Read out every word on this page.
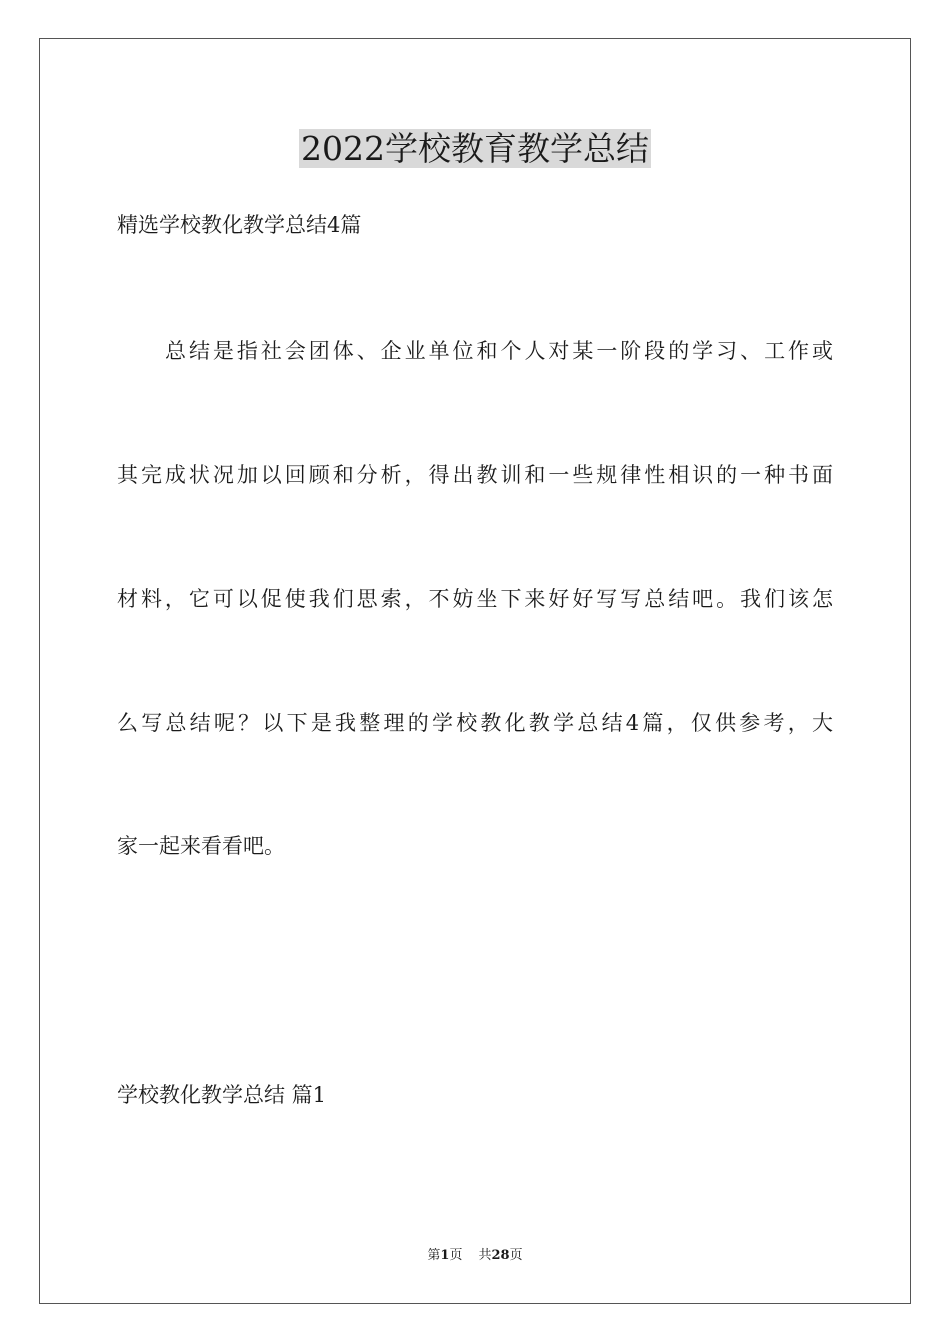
2022学校教育教学总结
精选学校教化教学总结4篇
总结是指社会团体、企业单位和个人对某一阶段的学习、工作或
其完成状况加以回顾和分析，得出教训和一些规律性相识的一种书面
材料，它可以促使我们思索，不妨坐下来好好写写总结吧。我们该怎
么写总结呢？以下是我整理的学校教化教学总结4篇，仅供参考，大
家一起来看看吧。
学校教化教学总结 篇1
第1页 共28页
